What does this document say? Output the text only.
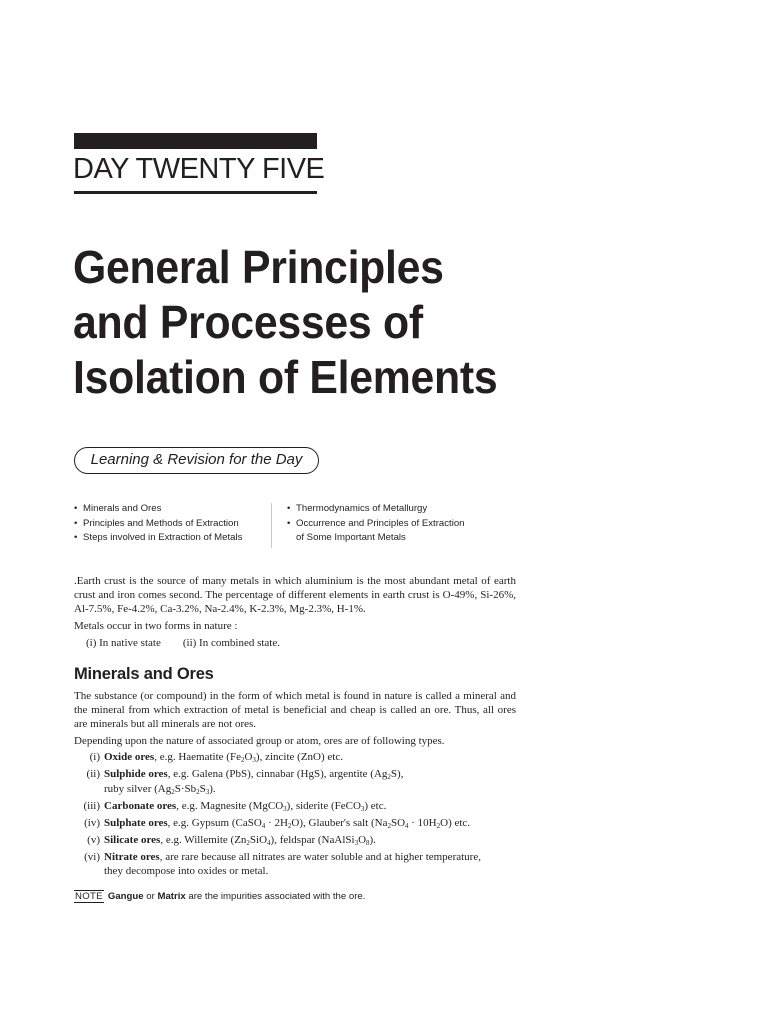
DAY TWENTY FIVE
General Principles
and Processes of
Isolation of Elements
Learning & Revision for the Day
• Minerals and Ores
• Principles and Methods of Extraction
• Steps involved in Extraction of Metals
• Thermodynamics of Metallurgy
• Occurrence and Principles of Extraction
of Some Important Metals

.Earth crust is the source of many metals in which aluminium is the most abundant metal of earth crust and iron comes second. The percentage of different elements in earth crust is O-49%, Si-26%, Al-7.5%, Fe-4.2%, Ca-3.2%, Na-2.4%, K-2.3%, Mg-2.3%, H-1%.

Metals occur in two forms in nature :

(i) In native state (ii) In combined state.
Minerals and Ores

The substance (or compound) in the form of which metal is found in nature is called a mineral and the mineral from which extraction of metal is beneficial and cheap is called an ore. Thus, all ores are minerals but all minerals are not ores.

Depending upon the nature of associated group or atom, ores are of following types.

(i) Oxide ores, e.g. Haematite $(Fe_2O_3)$, zincite (ZnO) etc.
(ii) Sulphide ores, e.g. Galena (PbS), cinnabar (HgS), argentite $(Ag_2S)$,
ruby silver $(Ag_2S\cdot Sb_2S_3)$.
(iii) Carbonate ores, e.g. Magnesite (MgCO$_3$), siderite (FeCO$_3$) etc.
(iv) Sulphate ores, e.g. Gypsum (CaSO$_4$ · $2H_2O$), Glauber's salt $(Na_2SO_4 \cdot 10H_2O)$ etc.
(v) Silicate ores, e.g. Willemite $(Zn_2SiO_4)$, feldspar $(NaAlSi_3O_8)$.
(vi) Nitrate ores, are rare because all nitrates are water soluble and at higher temperature,
they decompose into oxides or metal.
NOTE Gangue or Matrix are the impurities associated with the ore.
